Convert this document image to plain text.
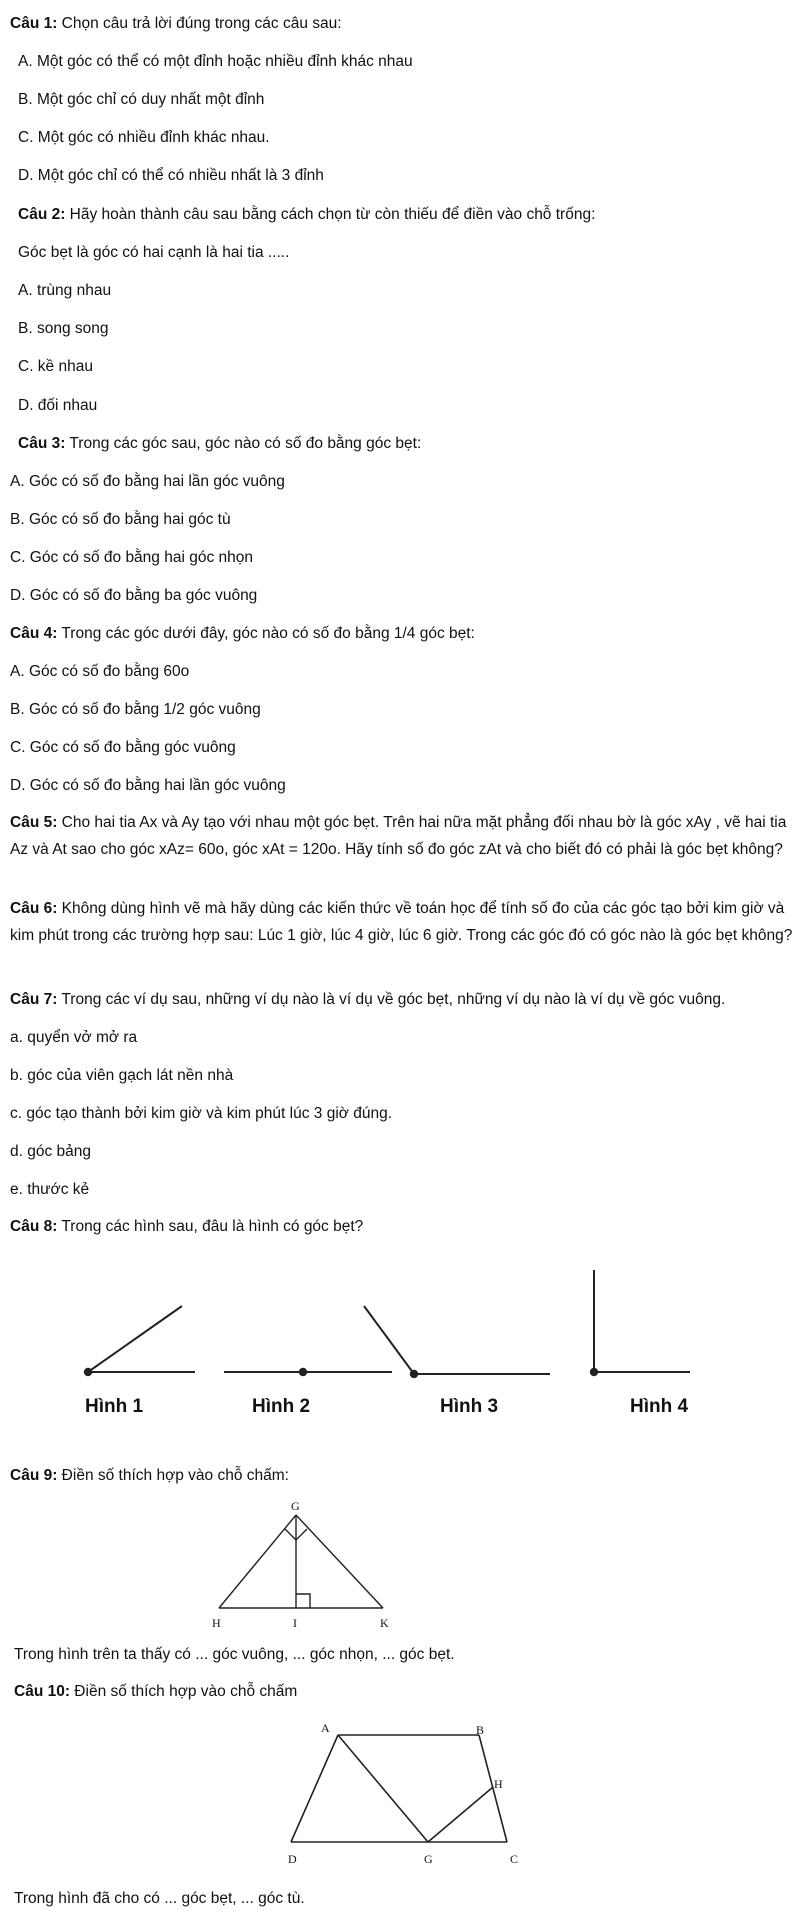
Câu 1: Chọn câu trả lời đúng trong các câu sau:
A. Một góc có thể có một đỉnh hoặc nhiều đỉnh khác nhau
B. Một góc chỉ có duy nhất một đỉnh
C. Một góc có nhiều đỉnh khác nhau.
D. Một góc chỉ có thể có nhiều nhất là 3 đỉnh
Câu 2: Hãy hoàn thành câu sau bằng cách chọn từ còn thiếu để điền vào chỗ trống:
Góc bẹt là góc có hai cạnh là hai tia .....
A. trùng nhau
B. song song
C. kề nhau
D. đối nhau
Câu 3: Trong các góc sau, góc nào có số đo bằng góc bẹt:
A. Góc có số đo bằng hai lần góc vuông
B. Góc có số đo bằng hai góc tù
C. Góc có số đo bằng hai góc nhọn
D. Góc có số đo bằng ba góc vuông
Câu 4: Trong các góc dưới đây, góc nào có số đo bằng 1/4 góc bẹt:
A. Góc có số đo bằng 60o
B. Góc có số đo bằng 1/2 góc vuông
C. Góc có số đo bằng góc vuông
D. Góc có số đo bằng hai lần góc vuông
Câu 5: Cho hai tia Ax và Ay tạo với nhau một góc bẹt. Trên hai nữa mặt phẳng đối nhau bờ là góc xAy , vẽ hai tia Az và At sao cho góc xAz= 60o, góc xAt = 120o. Hãy tính số đo góc zAt và cho biết đó có phải là góc bẹt không?
Câu 6: Không dùng hình vẽ mà hãy dùng các kiến thức về toán học để tính số đo của các góc tạo bởi kim giờ và kim phút trong các trường hợp sau: Lúc 1 giờ, lúc 4 giờ, lúc 6 giờ. Trong các góc đó có góc nào là góc bẹt không?
Câu 7: Trong các ví dụ sau, những ví dụ nào là ví dụ về góc bẹt, những ví dụ nào là ví dụ về góc vuông.
a. quyển vở mở ra
b. góc của viên gạch lát nền nhà
c. góc tạo thành bởi kim giờ và kim phút lúc 3 giờ đúng.
d. góc bảng
e. thước kẻ
Câu 8: Trong các hình sau, đâu là hình có góc bẹt?
Hình 1	Hình 2	Hình 3	Hình 4
Câu 9: Điền số thích hợp vào chỗ chấm:
G
H	I	K
Trong hình trên ta thấy có ... góc vuông, ... góc nhọn, ... góc bẹt.
Câu 10: Điền số thích hợp vào chỗ chấm
A	B
H
D	G	C
Trong hình đã cho có ... góc bẹt, ... góc tù.
